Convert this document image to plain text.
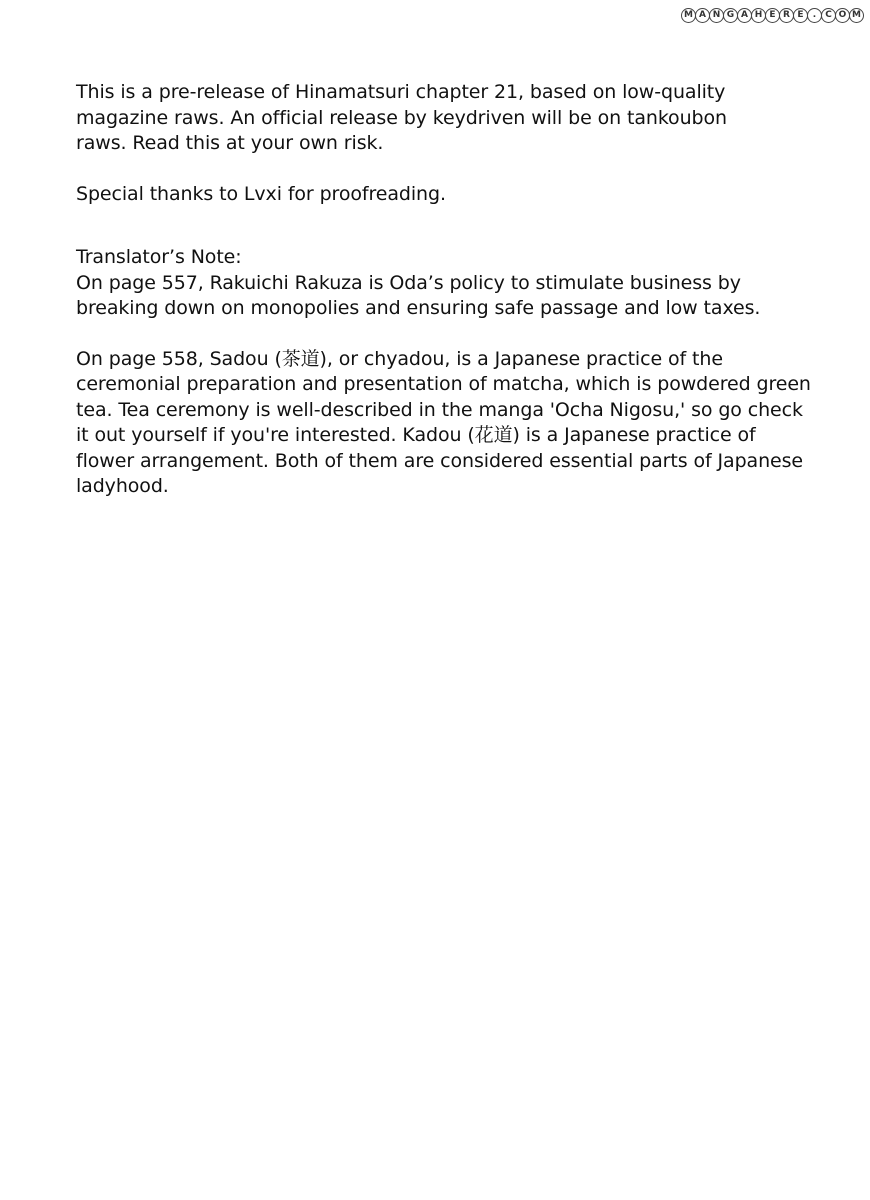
M A N G A H E R E	. C O M

This is a pre-release of Hinamatsuri chapter 21, based on low-quality
magazine raws. An official release by keydriven will be on tankoubon
raws. Read this at your own risk.

Special thanks to Lvxi for proofreading.

Translator’s Note:

On page 557, Rakuichi Rakuza is Oda’s policy to stimulate business by
breaking down on monopolies and ensuring safe passage and low taxes.

On page 558, Sadou (茶道), or chyadou, is a Japanese practice of the
ceremonial preparation and presentation of matcha, which is powdered green
tea. Tea ceremony is well-described in the manga 'Ocha Nigosu,' so go check
it out yourself if you're interested. Kadou (花道) is a Japanese practice of
flower arrangement. Both of them are considered essential parts of Japanese
ladyhood.
